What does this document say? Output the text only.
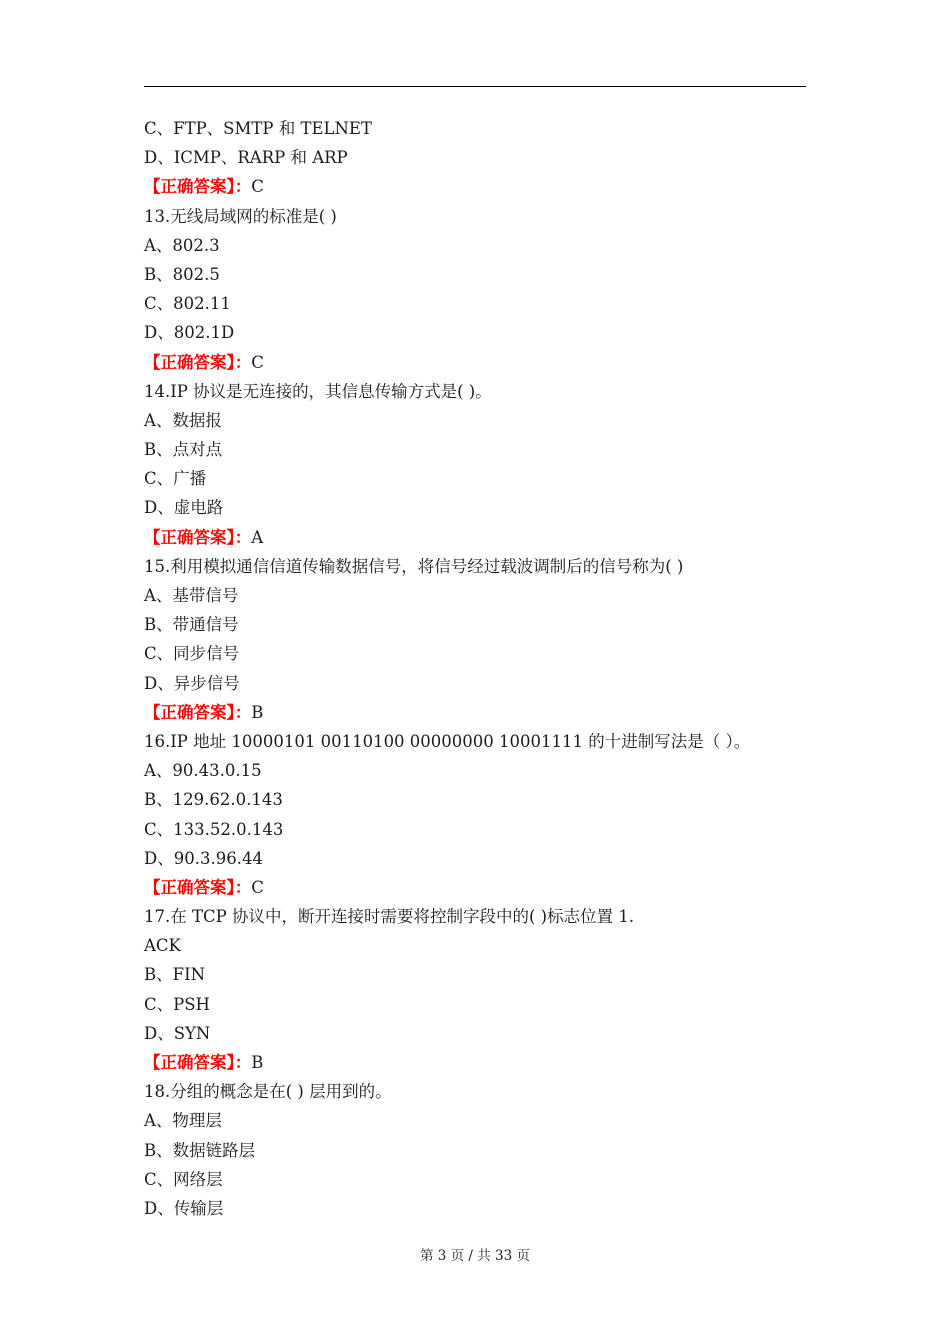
C、FTP、SMTP 和 TELNET
D、ICMP、RARP 和 ARP
【正确答案】：C
13.无线局域网的标准是( )
A、802.3
B、802.5
C、802.11
D、802.1D
【正确答案】：C
14.IP 协议是无连接的，其信息传输方式是( )。
A、数据报
B、点对点
C、广播
D、虚电路
【正确答案】：A
15.利用模拟通信信道传输数据信号，将信号经过载波调制后的信号称为( )
A、基带信号
B、带通信号
C、同步信号
D、异步信号
【正确答案】：B
16.IP 地址 10000101 00110100 00000000 10001111 的十进制写法是（ ）。
A、90.43.0.15
B、129.62.0.143
C、133.52.0.143
D、90.3.96.44
【正确答案】：C
17.在 TCP 协议中，断开连接时需要将控制字段中的( )标志位置 1.
ACK
B、FIN
C、PSH
D、SYN
【正确答案】：B
18.分组的概念是在( ) 层用到的。
A、物理层
B、数据链路层
C、网络层
D、传输层
第 3 页 / 共 33 页
